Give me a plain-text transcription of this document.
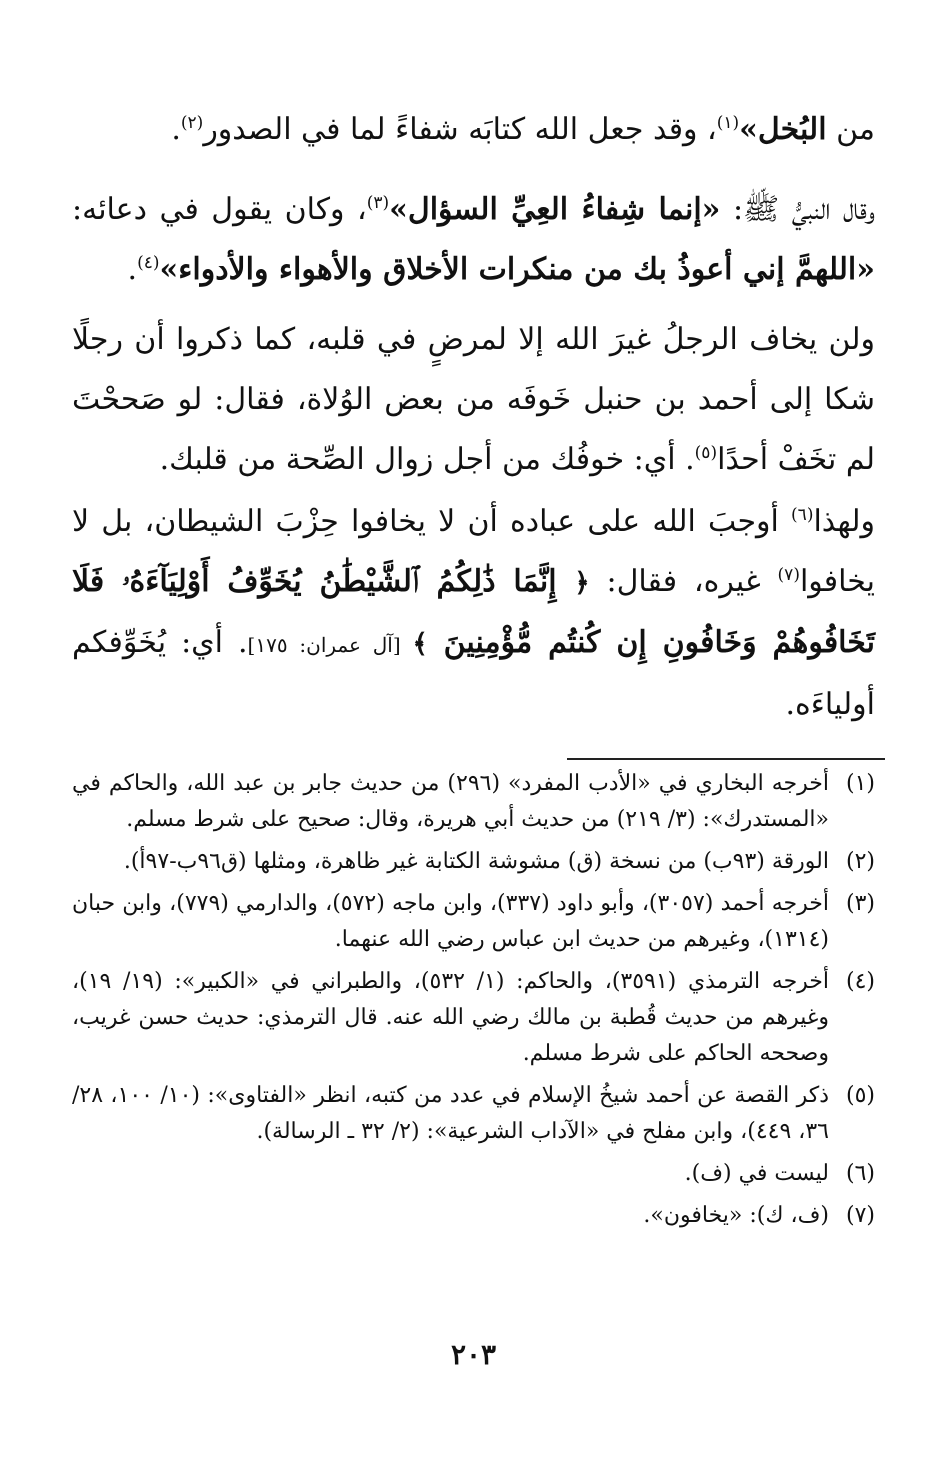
من البُخل»$^{(١)}$، وقد جعل الله كتابَه شفاءً لما في الصدور$^{(٢)}$.

وقال النبيُّ ﷺ: «إنما شِفاءُ العِيِّ السؤال»$^{(٣)}$، وكان يقول في دعائه: «اللهمَّ إني أعوذُ بك من منكرات الأخلاق والأهواء والأدواء»$^{(٤)}$.

ولن يخاف الرجلُ غيرَ الله إلا لمرضٍ في قلبه، كما ذكروا أن رجلًا شكا إلى أحمد بن حنبل خَوفَه من بعض الوُلاة، فقال: لو صَححْتَ لم تخَفْ أحدًا$^{(٥)}$. أي: خوفُك من أجل زوال الصِّحة من قلبك.

ولهذا$^{(٦)}$ أوجبَ الله على عباده أن لا يخافوا حِزْبَ الشيطان، بل لا يخافوا$^{(٧)}$ غيره، فقال: ﴿ إِنَّمَا ذَٰلِكُمُ ٱلشَّيْطَٰنُ يُخَوِّفُ أَوْلِيَآءَهُۥ فَلَا تَخَافُوهُمْ وَخَافُونِ إِن كُنتُم مُّؤْمِنِينَ ﴾ [آل عمران: ١٧٥]. أي: يُخَوِّفكم أولياءَه.

(١)
أخرجه البخاري في «الأدب المفرد» (٢٩٦) من حديث جابر بن عبد الله، والحاكم في «المستدرك»: (٣/ ٢١٩) من حديث أبي هريرة، وقال: صحيح على شرط مسلم.
(٢)
الورقة (٩٣ب) من نسخة (ق) مشوشة الكتابة غير ظاهرة، ومثلها (ق٩٦ب-٩٧أ).
(٣)
أخرجه أحمد (٣٠٥٧)، وأبو داود (٣٣٧)، وابن ماجه (٥٧٢)، والدارمي (٧٧٩)، وابن حبان (١٣١٤)، وغيرهم من حديث ابن عباس رضي الله عنهما.
(٤)
أخرجه الترمذي (٣٥٩١)، والحاكم: (١/ ٥٣٢)، والطبراني في «الكبير»: (١٩/ ١٩)، وغيرهم من حديث قُطبة بن مالك رضي الله عنه. قال الترمذي: حديث حسن غريب، وصححه الحاكم على شرط مسلم.
(٥)
ذكر القصة عن أحمد شيخُ الإسلام في عدد من كتبه، انظر «الفتاوى»: (١٠/ ١٠٠، ٢٨/ ٣٦، ٤٤٩)، وابن مفلح في «الآداب الشرعية»: (٢/ ٣٢ ـ الرسالة).
(٦)
ليست في (ف).
(٧)
(ف، ك): «يخافون».
٢٠٣
